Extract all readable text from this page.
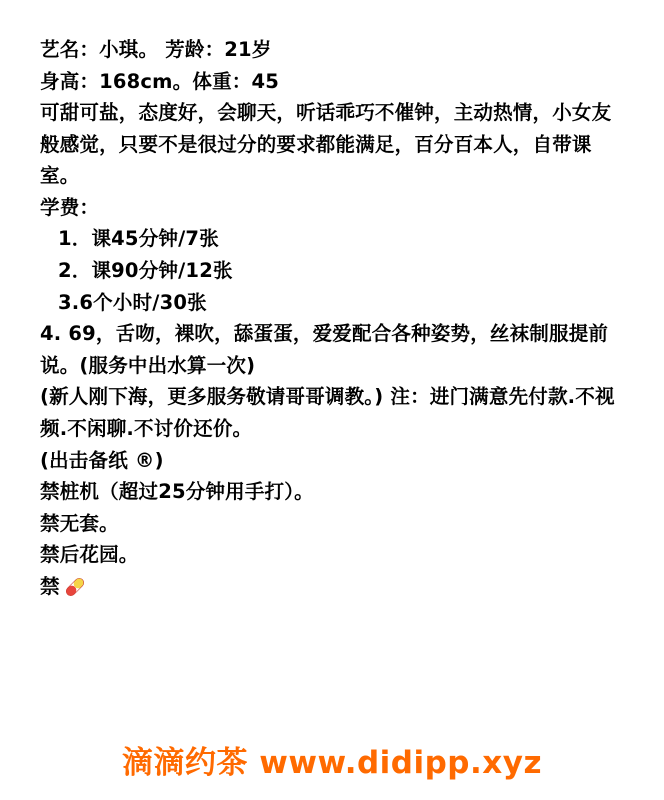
艺名：小琪。 芳龄：21岁
身高：168cm。体重：45
可甜可盐，态度好，会聊天，听话乖巧不催钟，主动热情，小女友般感觉，只要不是很过分的要求都能满足，百分百本人，自带课室。
学费：
1．课45分钟/7张
2．课90分钟/12张
3.6个小时/30张
4. 69，舌吻，裸吹，舔蛋蛋，爱爱配合各种姿势，丝袜制服提前说。(服务中出水算一次)
(新人刚下海，更多服务敬请哥哥调教。) 注：进门满意先付款.不视频.不闲聊.不讨价还价。
(出击备纸 ®)
禁桩机（超过25分钟用手打）。
禁无套。
禁后花园。
禁
滴滴约茶 www.didipp.xyz
